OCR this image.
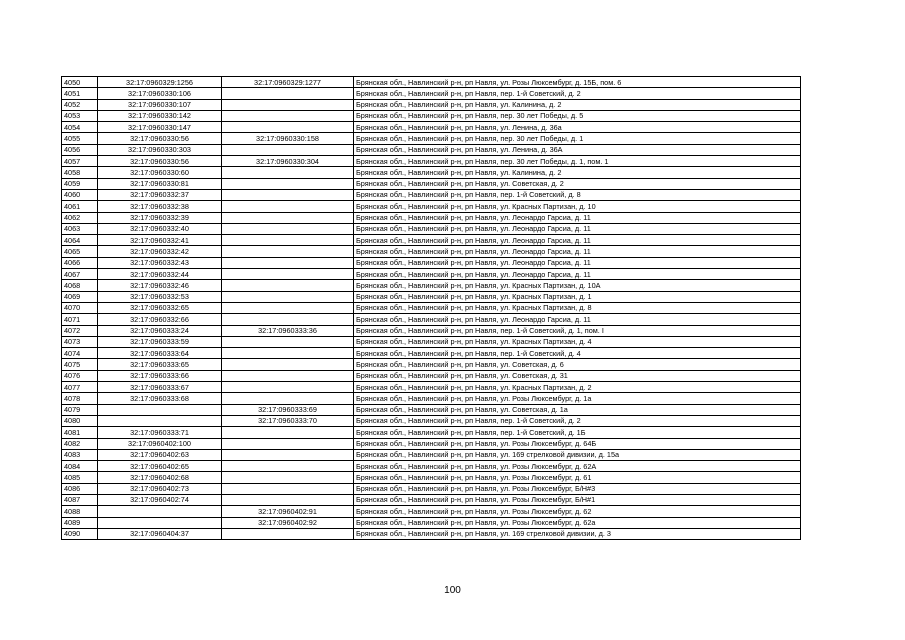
4050	32:17:0960329:1256	32:17:0960329:1277	Брянская обл., Навлинский р-н, рп Навля, ул. Розы Люксембург, д. 15Б, пом. 6
4051	32:17:0960330:106		Брянская обл., Навлинский р-н, рп Навля, пер. 1-й Советский, д. 2
4052	32:17:0960330:107		Брянская обл., Навлинский р-н, рп Навля, ул. Калинина, д. 2
4053	32:17:0960330:142		Брянская обл., Навлинский р-н, рп Навля, пер. 30 лет Победы, д. 5
4054	32:17:0960330:147		Брянская обл., Навлинский р-н, рп Навля, ул. Ленина, д. 36а
4055	32:17:0960330:56	32:17:0960330:158	Брянская обл., Навлинский р-н, рп Навля, пер. 30 лет Победы, д. 1
4056	32:17:0960330:303		Брянская обл., Навлинский р-н, рп Навля, ул. Ленина, д. 36А
4057	32:17:0960330:56	32:17:0960330:304	Брянская обл., Навлинский р-н, рп Навля, пер. 30 лет Победы, д. 1, пом. 1
4058	32:17:0960330:60		Брянская обл., Навлинский р-н, рп Навля, ул. Калинина, д. 2
4059	32:17:0960330:81		Брянская обл., Навлинский р-н, рп Навля, ул. Советская, д. 2
4060	32:17:0960332:37		Брянская обл., Навлинский р-н, рп Навля, пер. 1-й Советский, д. 8
4061	32:17:0960332:38		Брянская обл., Навлинский р-н, рп Навля, ул. Красных Партизан, д. 10
4062	32:17:0960332:39		Брянская обл., Навлинский р-н, рп Навля, ул. Леонардо Гарсиа, д. 11
4063	32:17:0960332:40		Брянская обл., Навлинский р-н, рп Навля, ул. Леонардо Гарсиа, д. 11
4064	32:17:0960332:41		Брянская обл., Навлинский р-н, рп Навля, ул. Леонардо Гарсиа, д. 11
4065	32:17:0960332:42		Брянская обл., Навлинский р-н, рп Навля, ул. Леонардо Гарсиа, д. 11
4066	32:17:0960332:43		Брянская обл., Навлинский р-н, рп Навля, ул. Леонардо Гарсиа, д. 11
4067	32:17:0960332:44		Брянская обл., Навлинский р-н, рп Навля, ул. Леонардо Гарсиа, д. 11
4068	32:17:0960332:46		Брянская обл., Навлинский р-н, рп Навля, ул. Красных Партизан, д. 10А
4069	32:17:0960332:53		Брянская обл., Навлинский р-н, рп Навля, ул. Красных Партизан, д. 1
4070	32:17:0960332:65		Брянская обл., Навлинский р-н, рп Навля, ул. Красных Партизан, д. 8
4071	32:17:0960332:66		Брянская обл., Навлинский р-н, рп Навля, ул. Леонардо Гарсиа, д. 11
4072	32:17:0960333:24	32:17:0960333:36	Брянская обл., Навлинский р-н, рп Навля, пер. 1-й Советский, д. 1, пом. I
4073	32:17:0960333:59		Брянская обл., Навлинский р-н, рп Навля, ул. Красных Партизан, д. 4
4074	32:17:0960333:64		Брянская обл., Навлинский р-н, рп Навля, пер. 1-й Советский, д. 4
4075	32:17:0960333:65		Брянская обл., Навлинский р-н, рп Навля, ул. Советская, д. 6
4076	32:17:0960333:66		Брянская обл., Навлинский р-н, рп Навля, ул. Советская, д. 31
4077	32:17:0960333:67		Брянская обл., Навлинский р-н, рп Навля, ул. Красных Партизан, д. 2
4078	32:17:0960333:68		Брянская обл., Навлинский р-н, рп Навля, ул. Розы Люксембург, д. 1а
4079		32:17:0960333:69	Брянская обл., Навлинский р-н, рп Навля, ул. Советская, д. 1а
4080		32:17:0960333:70	Брянская обл., Навлинский р-н, рп Навля, пер. 1-й Советский, д. 2
4081	32:17:0960333:71		Брянская обл., Навлинский р-н, рп Навля, пер. 1-й Советский, д. 1Б
4082	32:17:0960402:100		Брянская обл., Навлинский р-н, рп Навля, ул. Розы Люксембург, д. 64Б
4083	32:17:0960402:63		Брянская обл., Навлинский р-н, рп Навля, ул. 169 стрелковой дивизии, д. 15а
4084	32:17:0960402:65		Брянская обл., Навлинский р-н, рп Навля, ул. Розы Люксембург, д. 62А
4085	32:17:0960402:68		Брянская обл., Навлинский р-н, рп Навля, ул. Розы Люксембург, д. 61
4086	32:17:0960402:73		Брянская обл., Навлинский р-н, рп Навля, ул. Розы Люксембург, Б/Н#3
4087	32:17:0960402:74		Брянская обл., Навлинский р-н, рп Навля, ул. Розы Люксембург, Б/Н#1
4088		32:17:0960402:91	Брянская обл., Навлинский р-н, рп Навля, ул. Розы Люксембург, д. 62
4089		32:17:0960402:92	Брянская обл., Навлинский р-н, рп Навля, ул. Розы Люксембург, д. 62а
4090	32:17:0960404:37		Брянская обл., Навлинский р-н, рп Навля, ул. 169 стрелковой дивизии, д. 3
100
